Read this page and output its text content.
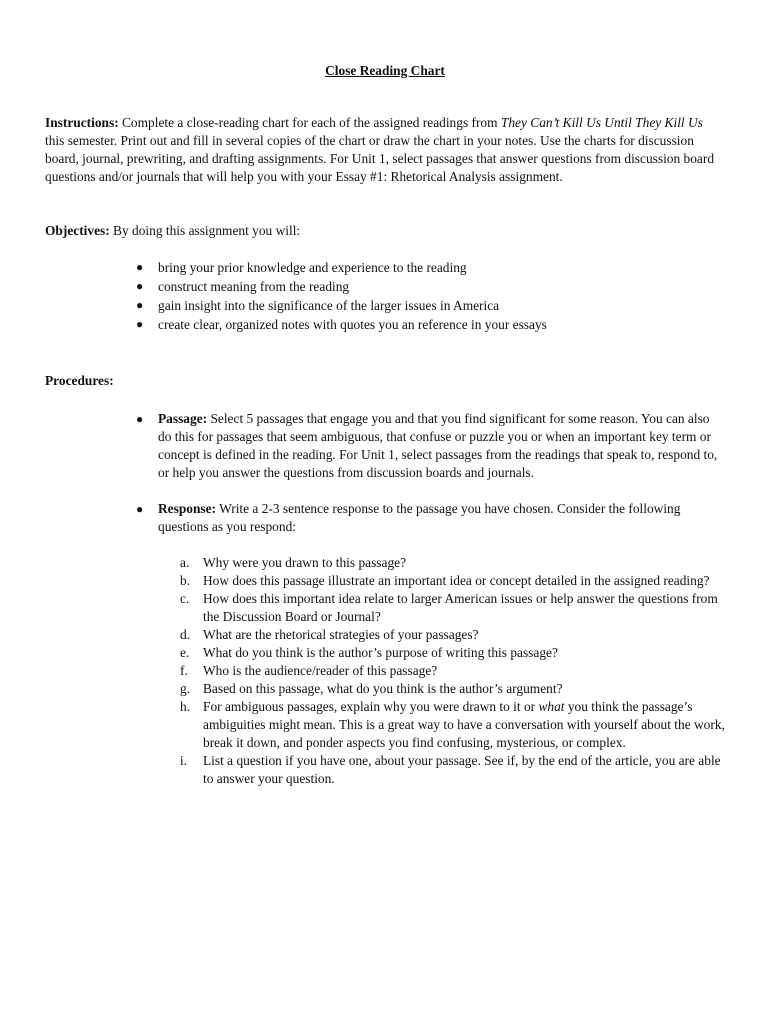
Close Reading Chart

Instructions: Complete a close-reading chart for each of the assigned readings from They Can’t Kill Us Until They Kill Us this semester. Print out and fill in several copies of the chart or draw the chart in your notes. Use the charts for discussion board, journal, prewriting, and drafting assignments. For Unit 1, select passages that answer questions from discussion board questions and/or journals that will help you with your Essay #1: Rhetorical Analysis assignment.

Objectives: By doing this assignment you will:

● bring your prior knowledge and experience to the reading
● construct meaning from the reading
● gain insight into the significance of the larger issues in America
● create clear, organized notes with quotes you an reference in your essays

Procedures:

● Passage: Select 5 passages that engage you and that you find significant for some reason. You can also do this for passages that seem ambiguous, that confuse or puzzle you or when an important key term or concept is defined in the reading. For Unit 1, select passages from the readings that speak to, respond to, or help you answer the questions from discussion boards and journals.
● Response: Write a 2-3 sentence response to the passage you have chosen. Consider the following questions as you respond:
a. Why were you drawn to this passage?
b. How does this passage illustrate an important idea or concept detailed in the assigned reading?
c. How does this important idea relate to larger American issues or help answer the questions from the Discussion Board or Journal?
d. What are the rhetorical strategies of your passages?
e. What do you think is the author’s purpose of writing this passage?
f. Who is the audience/reader of this passage?
g. Based on this passage, what do you think is the author’s argument?
h. For ambiguous passages, explain why you were drawn to it or what you think the passage’s ambiguities might mean. This is a great way to have a conversation with yourself about the work, break it down, and ponder aspects you find confusing, mysterious, or complex.
i. List a question if you have one, about your passage. See if, by the end of the article, you are able to answer your question.
